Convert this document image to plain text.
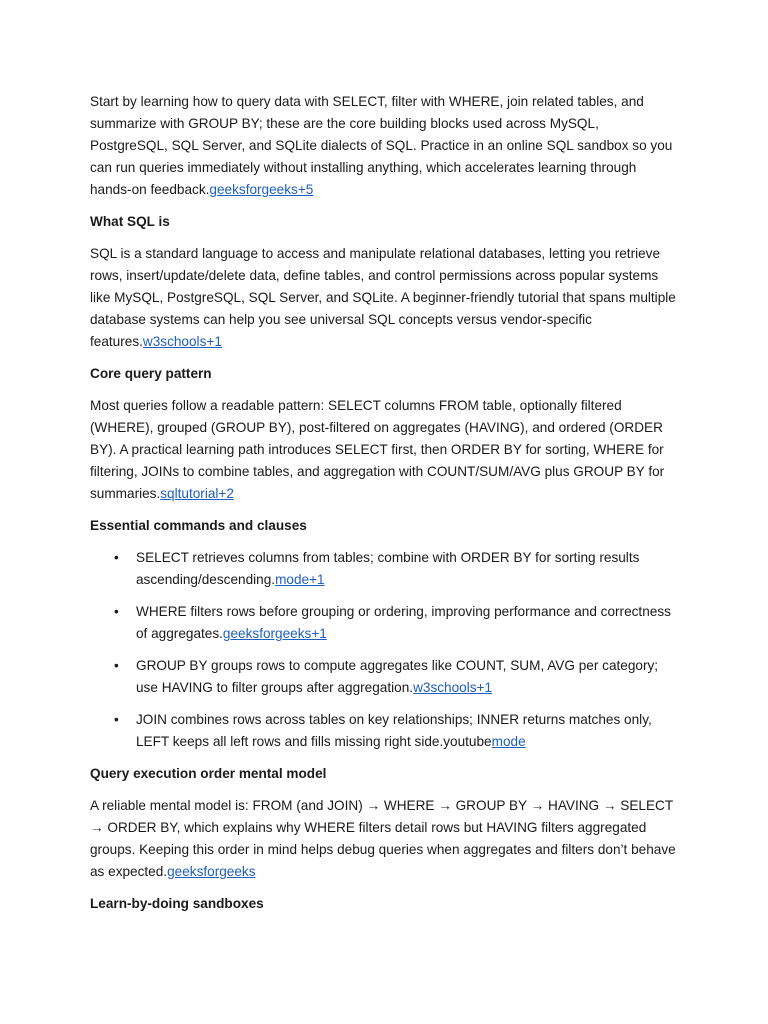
Start by learning how to query data with SELECT, filter with WHERE, join related tables, and summarize with GROUP BY; these are the core building blocks used across MySQL, PostgreSQL, SQL Server, and SQLite dialects of SQL. Practice in an online SQL sandbox so you can run queries immediately without installing anything, which accelerates learning through hands-on feedback.geeksforgeeks+5

What SQL is

SQL is a standard language to access and manipulate relational databases, letting you retrieve rows, insert/update/delete data, define tables, and control permissions across popular systems like MySQL, PostgreSQL, SQL Server, and SQLite. A beginner-friendly tutorial that spans multiple database systems can help you see universal SQL concepts versus vendor-specific features.w3schools+1

Core query pattern

Most queries follow a readable pattern: SELECT columns FROM table, optionally filtered (WHERE), grouped (GROUP BY), post-filtered on aggregates (HAVING), and ordered (ORDER BY). A practical learning path introduces SELECT first, then ORDER BY for sorting, WHERE for filtering, JOINs to combine tables, and aggregation with COUNT/SUM/AVG plus GROUP BY for summaries.sqltutorial+2

Essential commands and clauses

• SELECT retrieves columns from tables; combine with ORDER BY for sorting results ascending/descending.mode+1
• WHERE filters rows before grouping or ordering, improving performance and correctness of aggregates.geeksforgeeks+1
• GROUP BY groups rows to compute aggregates like COUNT, SUM, AVG per category; use HAVING to filter groups after aggregation.w3schools+1
• JOIN combines rows across tables on key relationships; INNER returns matches only, LEFT keeps all left rows and fills missing right side.youtubemode

Query execution order mental model

A reliable mental model is: FROM (and JOIN) → WHERE → GROUP BY → HAVING → SELECT → ORDER BY, which explains why WHERE filters detail rows but HAVING filters aggregated groups. Keeping this order in mind helps debug queries when aggregates and filters don’t behave as expected.geeksforgeeks

Learn-by-doing sandboxes
